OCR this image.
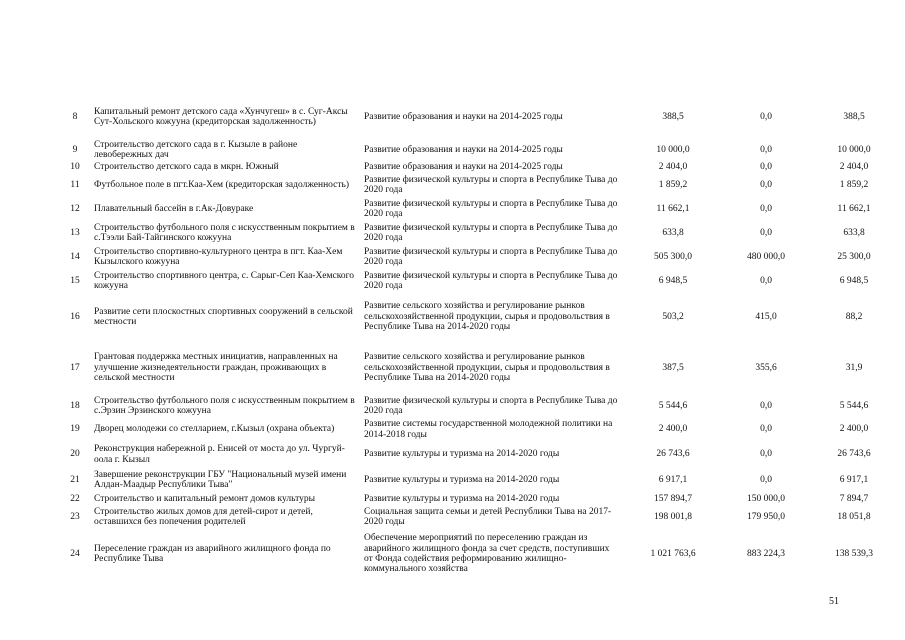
8	Капитальный ремонт детского сада «Хунчугеш» в с. Суг-Аксы Сут-Хольского кожууна (кредиторская задолженность)	Развитие образования и науки на 2014-2025 годы	388,5	0,0	388,5
9	Строительство детского сада в г. Кызыле в районе левобережных дач	Развитие образования и науки на 2014-2025 годы	10 000,0	0,0	10 000,0
10	Строительство детского сада в мкрн. Южный	Развитие образования и науки на 2014-2025 годы	2 404,0	0,0	2 404,0
11	Футбольное поле в пгт.Каа-Хем (кредиторская задолженность)	Развитие физической культуры и спорта в Республике Тыва до 2020 года	1 859,2	0,0	1 859,2
12	Плавательный бассейн в г.Ак-Довураке	Развитие физической культуры и спорта в Республике Тыва до 2020 года	11 662,1	0,0	11 662,1
13	Строительство футбольного поля с искусственным покрытием в с.Тээли Бай-Тайгинского кожууна	Развитие физической культуры и спорта в Республике Тыва до 2020 года	633,8	0,0	633,8
14	Строительство спортивно-культурного центра в пгт. Каа-Хем Кызылского кожууна	Развитие физической культуры и спорта в Республике Тыва до 2020 года	505 300,0	480 000,0	25 300,0
15	Строительство спортивного центра, с. Сарыг-Сеп Каа-Хемского кожууна	Развитие физической культуры и спорта в Республике Тыва до 2020 года	6 948,5	0,0	6 948,5
16	Развитие сети плоскостных спортивных сооружений в сельской местности	Развитие сельского хозяйства и регулирование рынков сельскохозяйственной продукции, сырья и продовольствия в Республике Тыва на 2014-2020 годы	503,2	415,0	88,2
17	Грантовая поддержка местных инициатив, направленных на улучшение жизнедеятельности граждан, проживающих в сельской местности	Развитие сельского хозяйства и регулирование рынков сельскохозяйственной продукции, сырья и продовольствия в Республике Тыва на 2014-2020 годы	387,5	355,6	31,9
18	Строительство футбольного поля с искусственным покрытием в с.Эрзин Эрзинского кожууна	Развитие физической культуры и спорта в Республике Тыва до 2020 года	5 544,6	0,0	5 544,6
19	Дворец молодежи со стелларием, г.Кызыл (охрана объекта)	Развитие системы государственной молодежной политики на 2014-2018 годы	2 400,0	0,0	2 400,0
20	Реконструкция набережной р. Енисей от моста до ул. Чургуй-оола г. Кызыл	Развитие культуры и туризма на 2014-2020 годы	26 743,6	0,0	26 743,6
21	Завершение реконструкции ГБУ "Национальный музей имени Алдан-Маадыр Республики Тыва"	Развитие культуры и туризма на 2014-2020 годы	6 917,1	0,0	6 917,1
22	Строительство и капитальный ремонт домов культуры	Развитие культуры и туризма на 2014-2020 годы	157 894,7	150 000,0	7 894,7
23	Строительство жилых домов для детей-сирот и детей, оставшихся без попечения родителей	Социальная защита семьи и детей Республики Тыва на 2017-2020 годы	198 001,8	179 950,0	18 051,8
24	Переселение граждан из аварийного жилищного фонда по Республике Тыва	Обеспечение мероприятий по переселению граждан из аварийного жилищного фонда за счет средств, поступивших от Фонда содействия реформированию жилищно-коммунального хозяйства	1 021 763,6	883 224,3	138 539,3
51
